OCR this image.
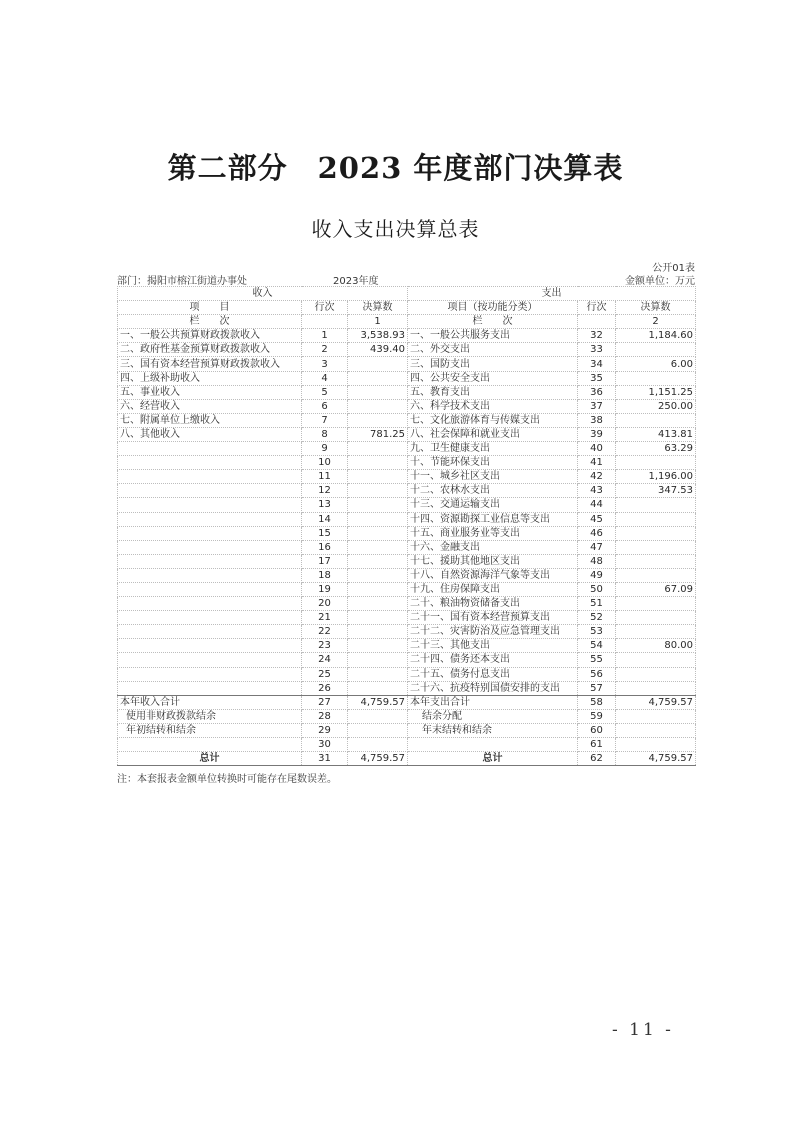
第二部分　2023 年度部门决算表
收入支出决算总表
公开01表
部门：揭阳市榕江街道办事处	2023年度	金额单位：万元
收入			支出		
项　　目	行次	决算数	项目（按功能分类）	行次	决算数
栏　　次		1	栏　　次		2
一、一般公共预算财政拨款收入	1	3,538.93	一、一般公共服务支出	32	1,184.60
二、政府性基金预算财政拨款收入	2	439.40	二、外交支出	33	
三、国有资本经营预算财政拨款收入	3		三、国防支出	34	6.00
四、上级补助收入	4		四、公共安全支出	35	
五、事业收入	5		五、教育支出	36	1,151.25
六、经营收入	6		六、科学技术支出	37	250.00
七、附属单位上缴收入	7		七、文化旅游体育与传媒支出	38	
八、其他收入	8	781.25	八、社会保障和就业支出	39	413.81
	9		九、卫生健康支出	40	63.29
	10		十、节能环保支出	41	
	11		十一、城乡社区支出	42	1,196.00
	12		十二、农林水支出	43	347.53
	13		十三、交通运输支出	44	
	14		十四、资源勘探工业信息等支出	45	
	15		十五、商业服务业等支出	46	
	16		十六、金融支出	47	
	17		十七、援助其他地区支出	48	
	18		十八、自然资源海洋气象等支出	49	
	19		十九、住房保障支出	50	67.09
	20		二十、粮油物资储备支出	51	
	21		二十一、国有资本经营预算支出	52	
	22		二十二、灾害防治及应急管理支出	53	
	23		二十三、其他支出	54	80.00
	24		二十四、债务还本支出	55	
	25		二十五、债务付息支出	56	
	26		二十六、抗疫特别国债安排的支出	57	
本年收入合计	27	4,759.57	本年支出合计	58	4,759.57
使用非财政拨款结余	28		结余分配	59	
年初结转和结余	29		年末结转和结余	60	
	30			61	
总计	31	4,759.57	总计	62	4,759.57
注：本套报表金额单位转换时可能存在尾数误差。
- 11 -
